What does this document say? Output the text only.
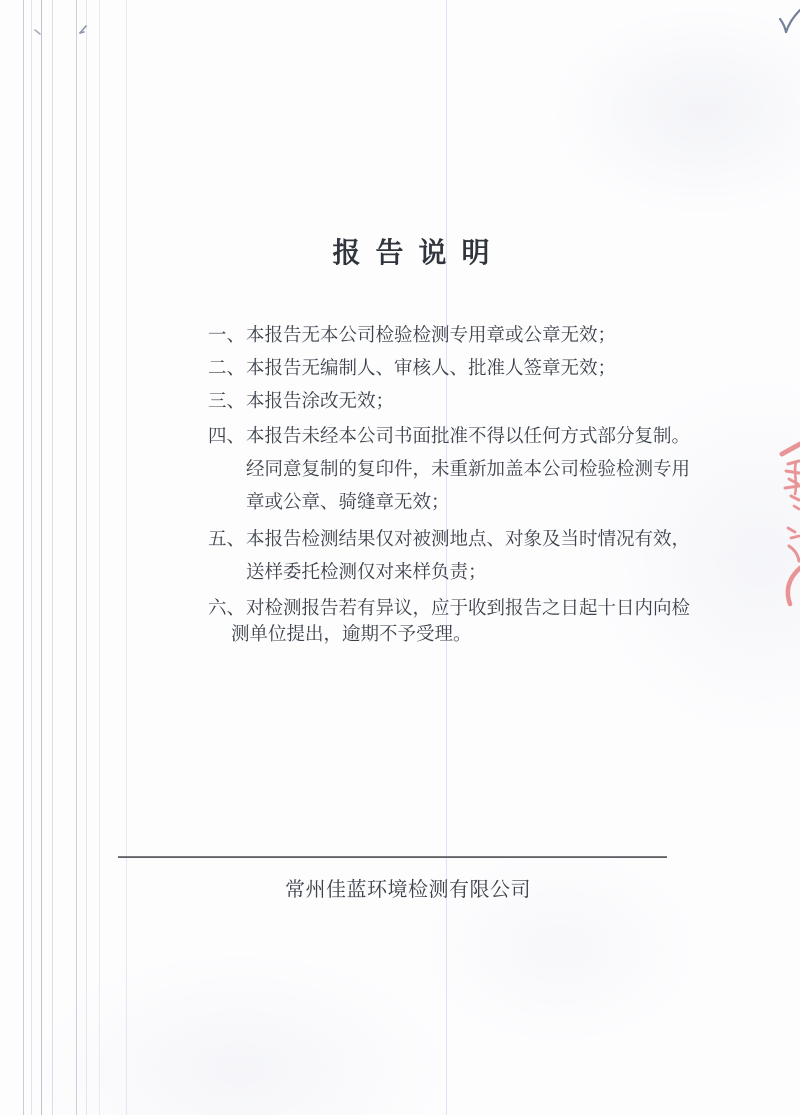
报 告 说 明
一、 本报告无本公司检验检测专用章或公章无效；
二、 本报告无编制人、审核人、批准人签章无效；
三、 本报告涂改无效；
四、 本报告未经本公司书面批准不得以任何方式部分复制。
经同意复制的复印件，未重新加盖本公司检验检测专用
章或公章、骑缝章无效；
五、 本报告检测结果仅对被测地点、对象及当时情况有效，
送样委托检测仅对来样负责；
六、 对检测报告若有异议，应于收到报告之日起十日内向检
测单位提出，逾期不予受理。
常州佳蓝环境检测有限公司
